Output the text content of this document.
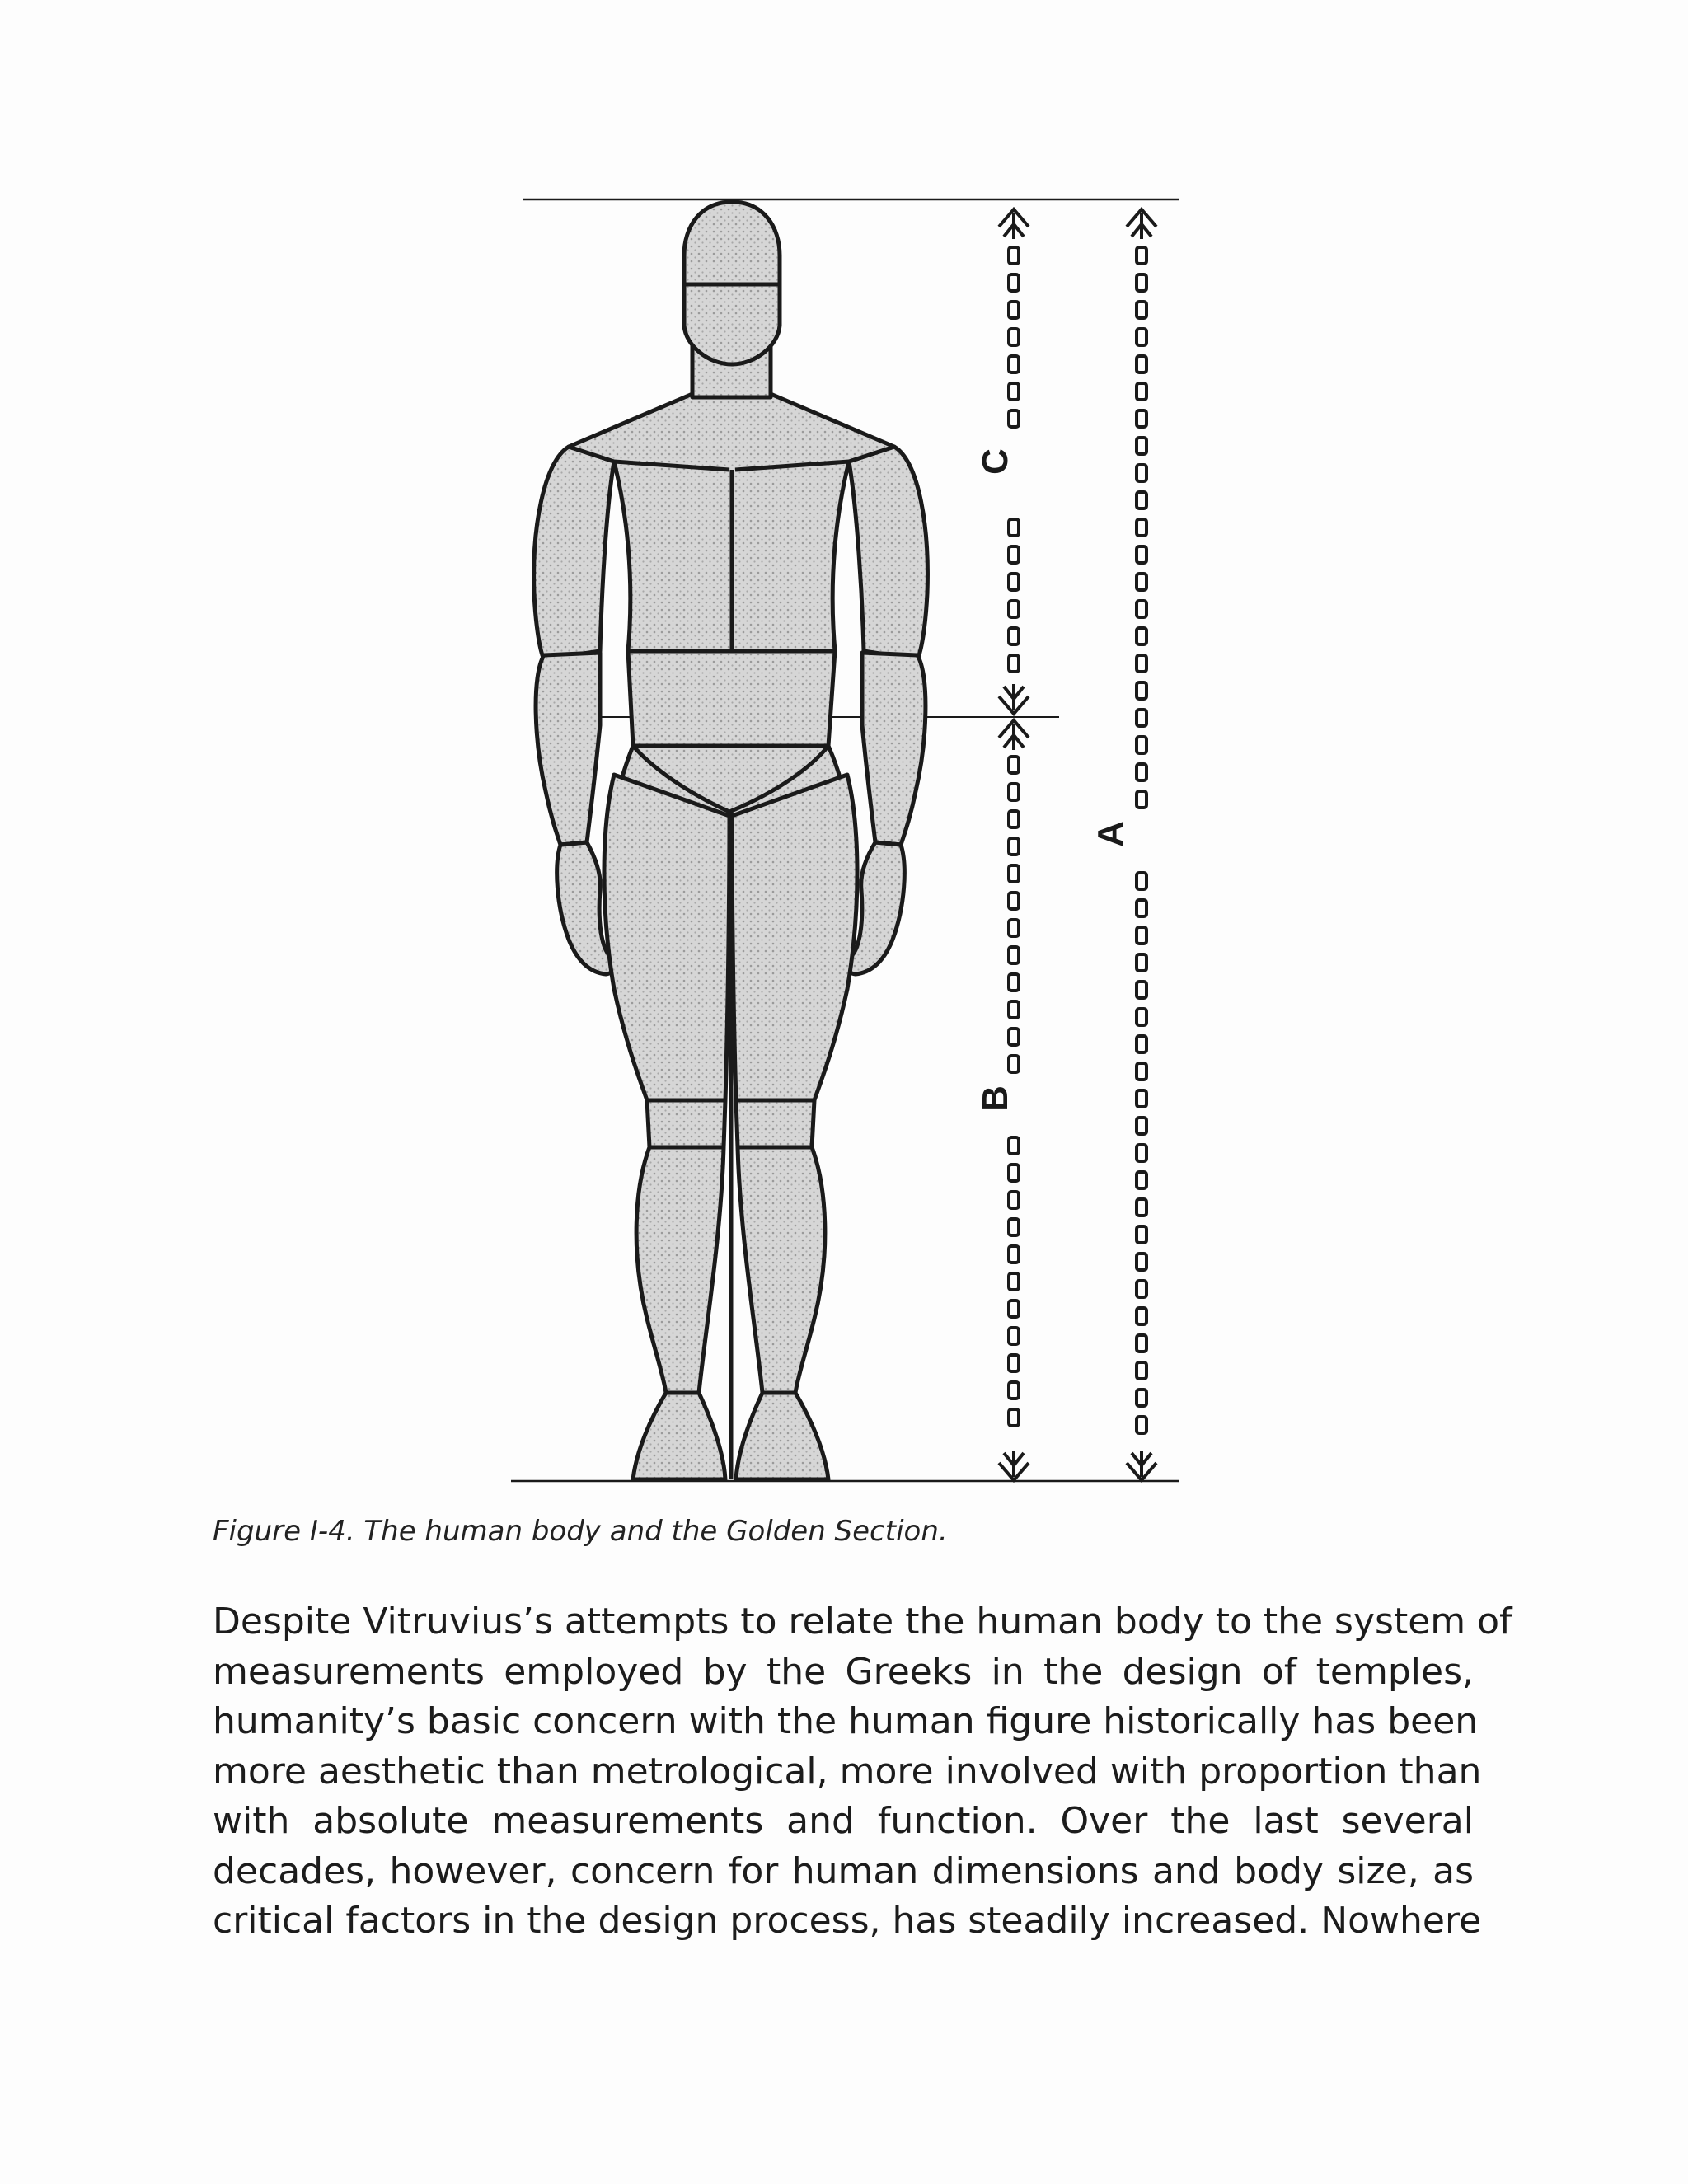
C
B
A
Figure I-4. The human body and the Golden Section.
Despite Vitruvius’s attempts to relate the human body to the system of
measurements employed by the Greeks in the design of temples,
humanity’s basic concern with the human figure historically has been
more aesthetic than metrological, more involved with proportion than
with absolute measurements and function. Over the last several
decades, however, concern for human dimensions and body size, as
critical factors in the design process, has steadily increased. Nowhere
